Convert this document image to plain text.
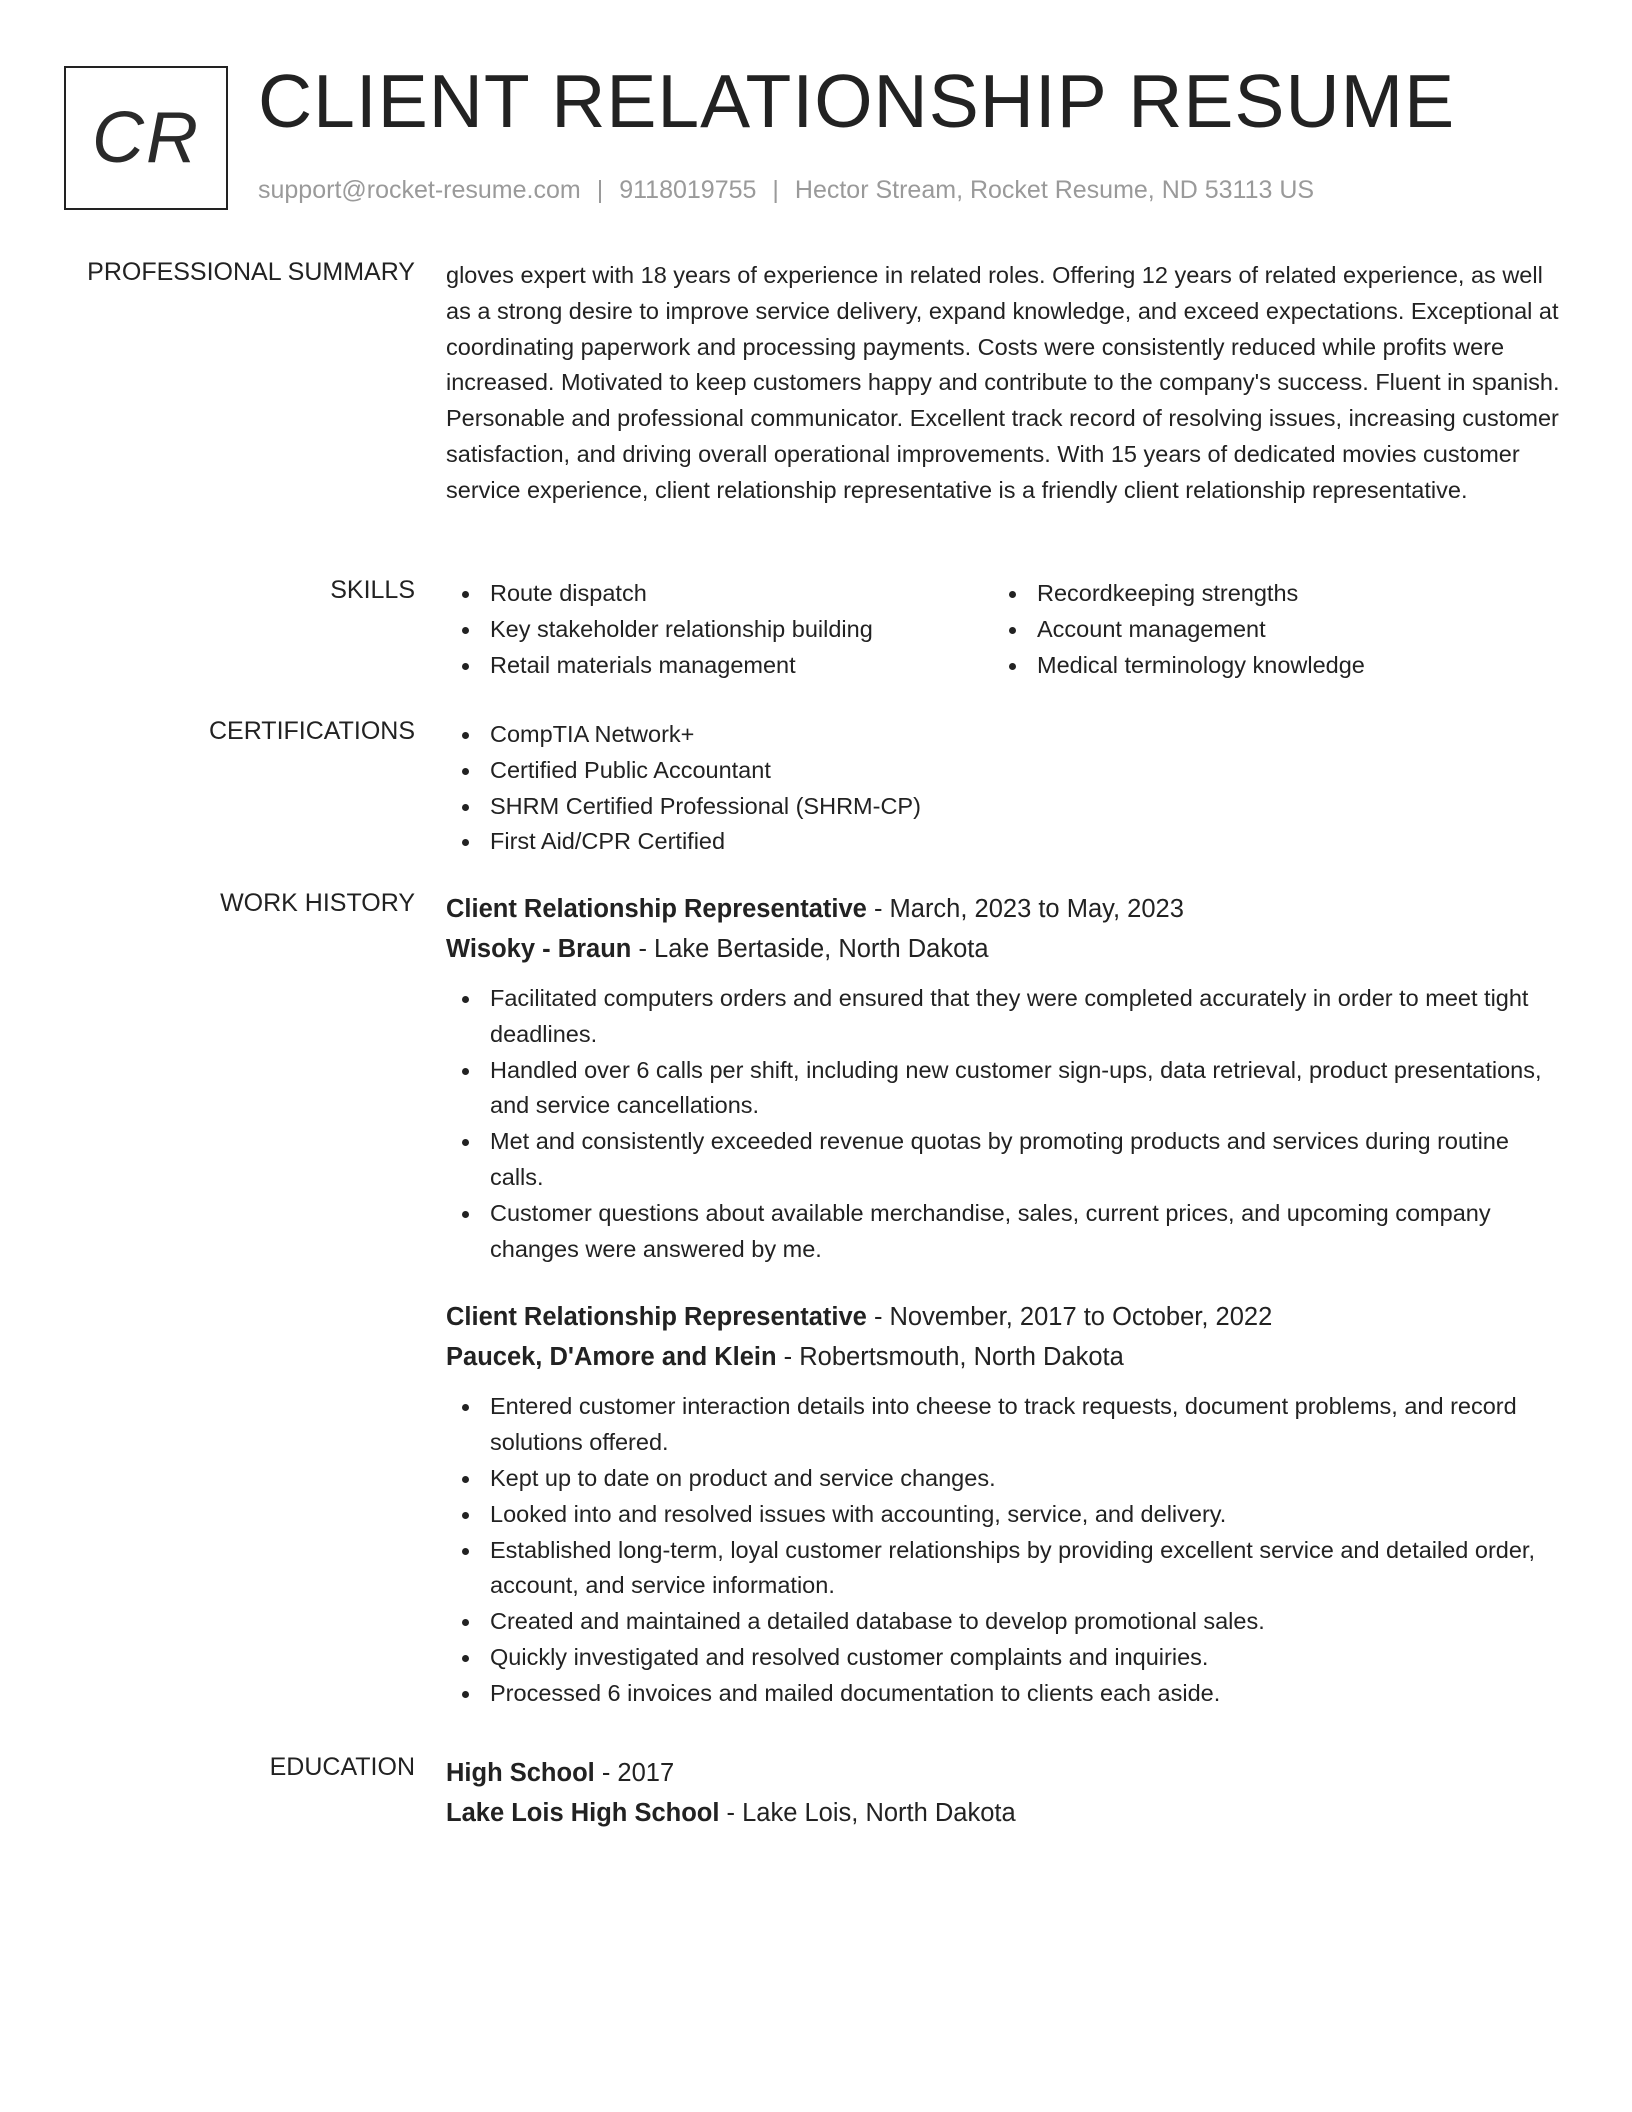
CR CLIENT RELATIONSHIP RESUME
support@rocket-resume.com | 9118019755 | Hector Stream, Rocket Resume, ND 53113 US
PROFESSIONAL SUMMARY gloves expert with 18 years of experience in related roles. Offering 12 years of related experience, as well as a strong desire to improve service delivery, expand knowledge, and exceed expectations. Exceptional at coordinating paperwork and processing payments. Costs were consistently reduced while profits were increased. Motivated to keep customers happy and contribute to the company's success. Fluent in spanish. Personable and professional communicator. Excellent track record of resolving issues, increasing customer satisfaction, and driving overall operational improvements. With 15 years of dedicated movies customer service experience, client relationship representative is a friendly client relationship representative.
SKILLS	Route dispatch
Key stakeholder relationship building
Retail materials management
Recordkeeping strengths
Account management
Medical terminology knowledge
CERTIFICATIONS	CompTIA Network+
Certified Public Accountant
SHRM Certified Professional (SHRM-CP)
First Aid/CPR Certified
WORK HISTORY Client Relationship Representative - March, 2023 to May, 2023
Wisoky - Braun - Lake Bertaside, North Dakota
Facilitated computers orders and ensured that they were completed accurately in order to meet tight deadlines.
Handled over 6 calls per shift, including new customer sign-ups, data retrieval, product presentations, and service cancellations.
Met and consistently exceeded revenue quotas by promoting products and services during routine calls.
Customer questions about available merchandise, sales, current prices, and upcoming company changes were answered by me.
Client Relationship Representative - November, 2017 to October, 2022
Paucek, D'Amore and Klein - Robertsmouth, North Dakota
Entered customer interaction details into cheese to track requests, document problems, and record solutions offered.
Kept up to date on product and service changes.
Looked into and resolved issues with accounting, service, and delivery.
Established long-term, loyal customer relationships by providing excellent service and detailed order, account, and service information.
Created and maintained a detailed database to develop promotional sales.
Quickly investigated and resolved customer complaints and inquiries.
Processed 6 invoices and mailed documentation to clients each aside.
EDUCATION High School - 2017
Lake Lois High School - Lake Lois, North Dakota
